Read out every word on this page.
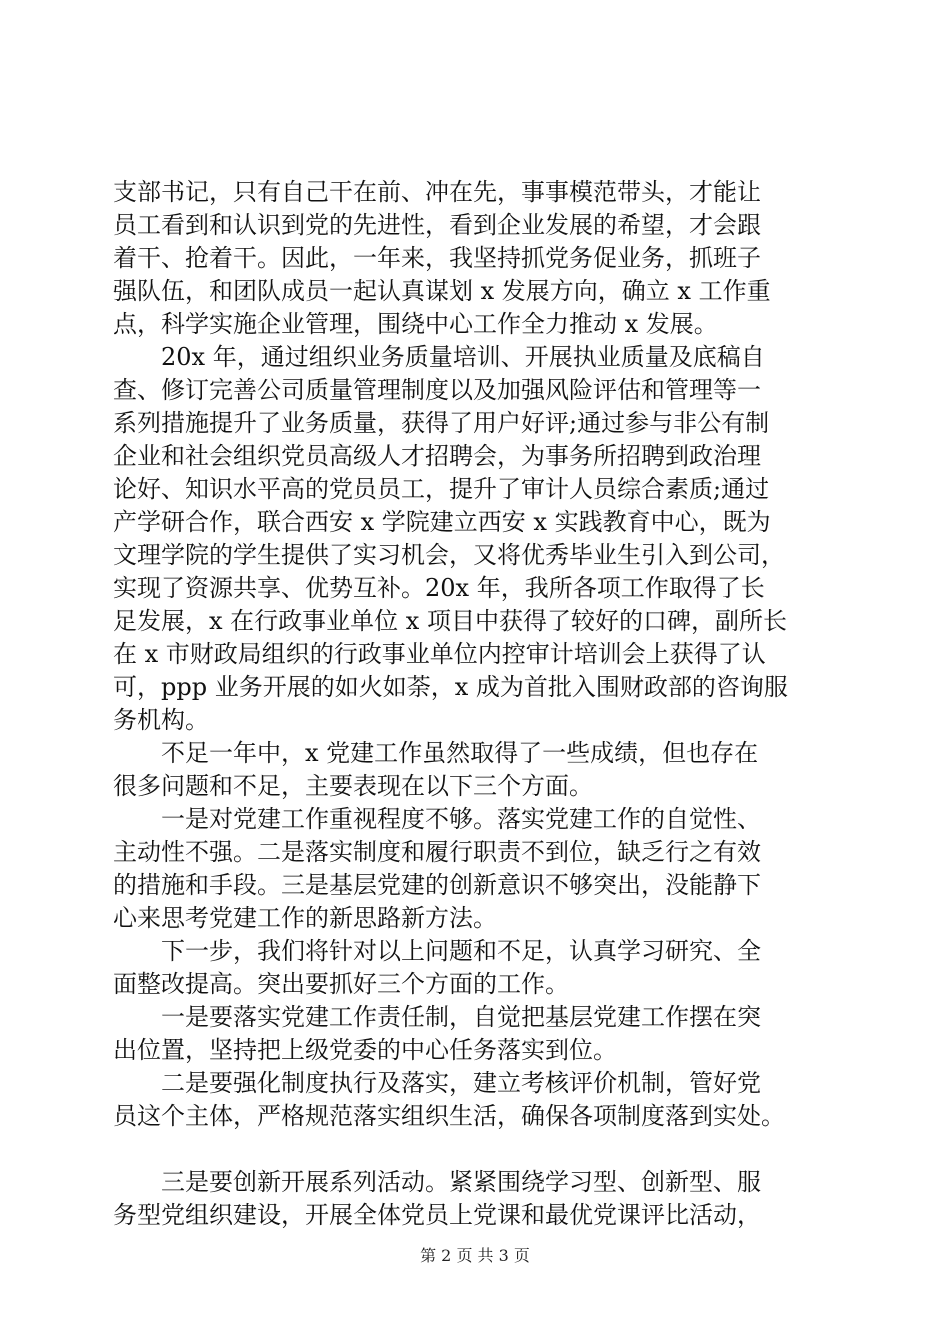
支部书记，只有自己干在前、冲在先，事事模范带头，才能让
员工看到和认识到党的先进性，看到企业发展的希望，才会跟
着干、抢着干。因此，一年来，我坚持抓党务促业务，抓班子
强队伍，和团队成员一起认真谋划 x 发展方向，确立 x 工作重
点，科学实施企业管理，围绕中心工作全力推动 x 发展。
20x 年，通过组织业务质量培训、开展执业质量及底稿自
查、修订完善公司质量管理制度以及加强风险评估和管理等一
系列措施提升了业务质量，获得了用户好评;通过参与非公有制
企业和社会组织党员高级人才招聘会，为事务所招聘到政治理
论好、知识水平高的党员员工，提升了审计人员综合素质;通过
产学研合作，联合西安 x 学院建立西安 x 实践教育中心，既为
文理学院的学生提供了实习机会，又将优秀毕业生引入到公司，
实现了资源共享、优势互补。20x 年，我所各项工作取得了长
足发展，x 在行政事业单位 x 项目中获得了较好的口碑，副所长
在 x 市财政局组织的行政事业单位内控审计培训会上获得了认
可，ppp 业务开展的如火如荼，x 成为首批入围财政部的咨询服
务机构。
不足一年中，x 党建工作虽然取得了一些成绩，但也存在
很多问题和不足，主要表现在以下三个方面。
一是对党建工作重视程度不够。落实党建工作的自觉性、
主动性不强。二是落实制度和履行职责不到位，缺乏行之有效
的措施和手段。三是基层党建的创新意识不够突出，没能静下
心来思考党建工作的新思路新方法。
下一步，我们将针对以上问题和不足，认真学习研究、全
面整改提高。突出要抓好三个方面的工作。
一是要落实党建工作责任制，自觉把基层党建工作摆在突
出位置，坚持把上级党委的中心任务落实到位。
二是要强化制度执行及落实，建立考核评价机制，管好党
员这个主体，严格规范落实组织生活，确保各项制度落到实处。
三是要创新开展系列活动。紧紧围绕学习型、创新型、服
务型党组织建设，开展全体党员上党课和最优党课评比活动，
第 2 页 共 3 页
